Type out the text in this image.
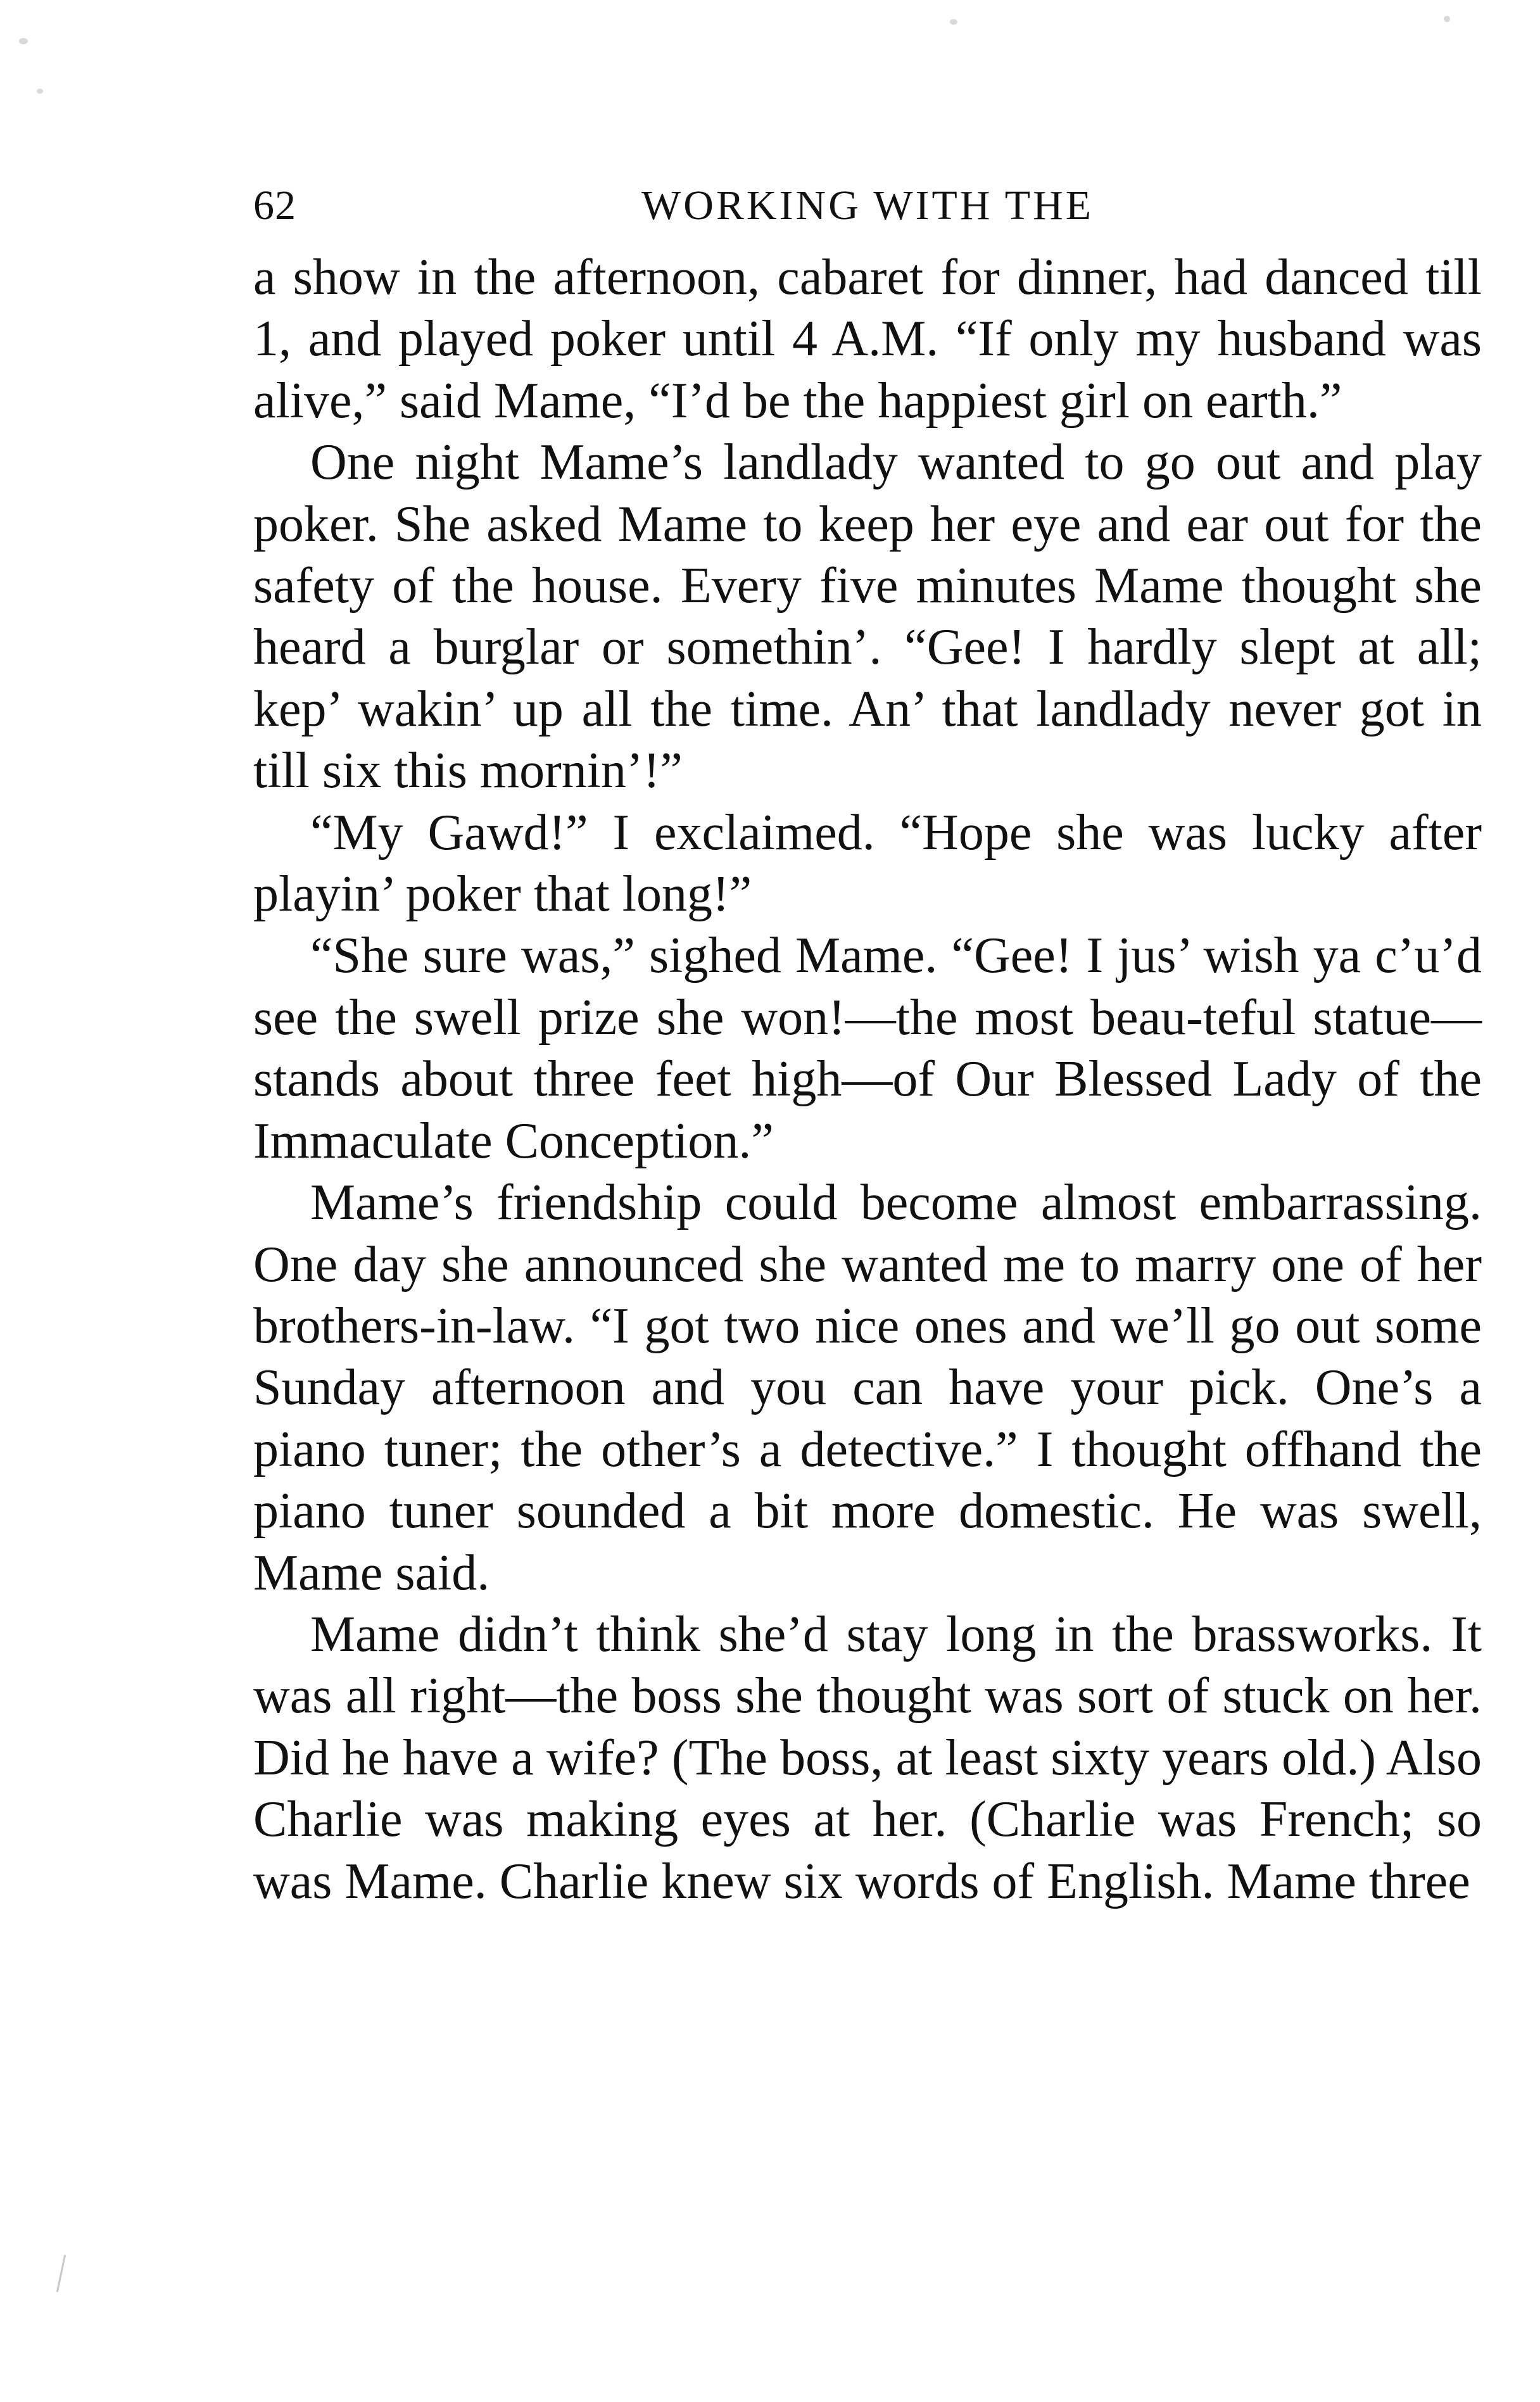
62	WORKING WITH THE

a show in the afternoon, cabaret for dinner, had danced till 1, and played poker until 4 A.M. “If only my husband was alive,” said Mame, “I’d be the happiest girl on earth.”

One night Mame’s landlady wanted to go out and play poker. She asked Mame to keep her eye and ear out for the safety of the house. Every five minutes Mame thought she heard a burglar or somethin’. “Gee! I hardly slept at all; kep’ wakin’ up all the time. An’ that landlady never got in till six this mornin’!”

“My Gawd!” I exclaimed. “Hope she was lucky after playin’ poker that long!”

“She sure was,” sighed Mame. “Gee! I jus’ wish ya c’u’d see the swell prize she won!—the most beau-teful statue—stands about three feet high—of Our Blessed Lady of the Immaculate Conception.”

Mame’s friendship could become almost embarrassing. One day she announced she wanted me to marry one of her brothers-in-law. “I got two nice ones and we’ll go out some Sunday afternoon and you can have your pick. One’s a piano tuner; the other’s a detective.” I thought offhand the piano tuner sounded a bit more domestic. He was swell, Mame said.

Mame didn’t think she’d stay long in the brassworks. It was all right—the boss she thought was sort of stuck on her. Did he have a wife? (The boss, at least sixty years old.) Also Charlie was making eyes at her. (Charlie was French; so was Mame. Charlie knew six words of English. Mame three
